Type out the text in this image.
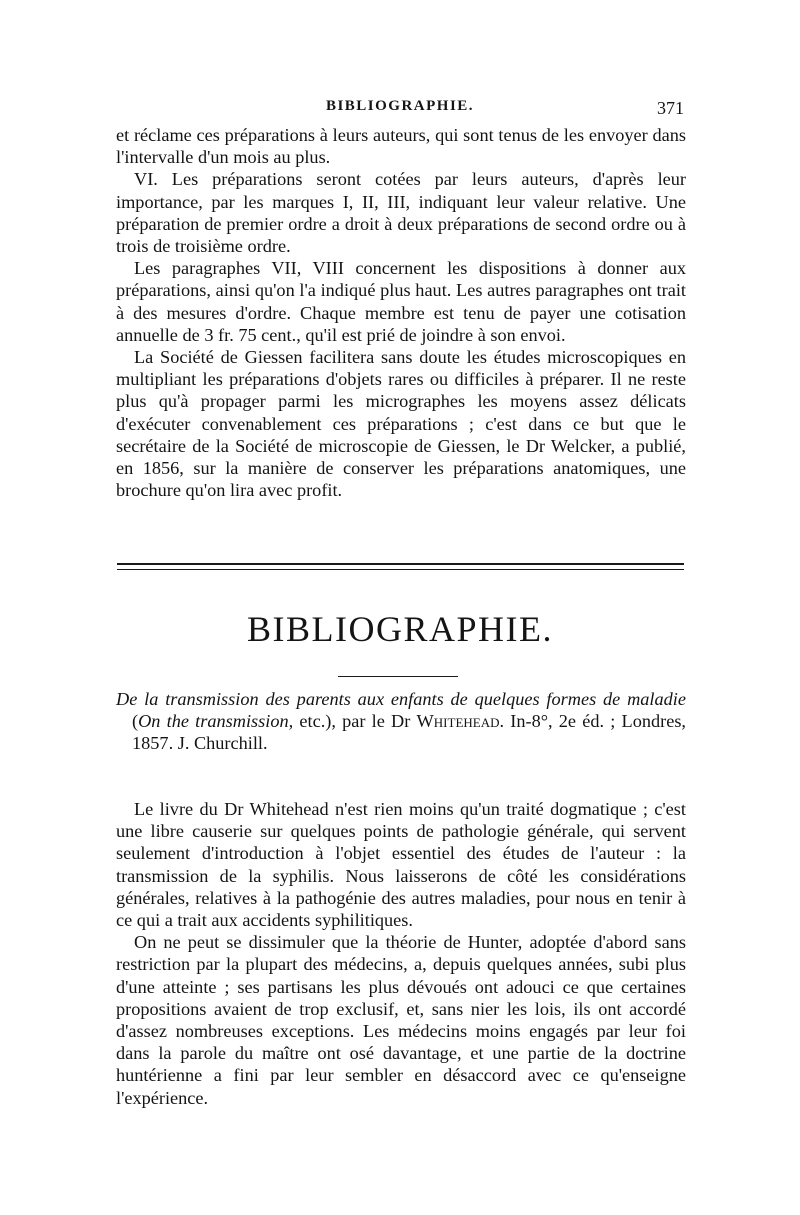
BIBLIOGRAPHIE.	371

et réclame ces préparations à leurs auteurs, qui sont tenus de les envoyer dans l'intervalle d'un mois au plus.

VI. Les préparations seront cotées par leurs auteurs, d'après leur importance, par les marques I, II, III, indiquant leur valeur relative. Une préparation de premier ordre a droit à deux préparations de second ordre ou à trois de troisième ordre.

Les paragraphes VII, VIII concernent les dispositions à donner aux préparations, ainsi qu'on l'a indiqué plus haut. Les autres paragraphes ont trait à des mesures d'ordre. Chaque membre est tenu de payer une cotisation annuelle de 3 fr. 75 cent., qu'il est prié de joindre à son envoi.

La Société de Giessen facilitera sans doute les études microscopiques en multipliant les préparations d'objets rares ou difficiles à préparer. Il ne reste plus qu'à propager parmi les micrographes les moyens assez délicats d'exécuter convenablement ces préparations ; c'est dans ce but que le secrétaire de la Société de microscopie de Giessen, le Dr Welcker, a publié, en 1856, sur la manière de conserver les préparations anatomiques, une brochure qu'on lira avec profit.

BIBLIOGRAPHIE.

De la transmission des parents aux enfants de quelques formes de maladie (On the transmission, etc.), par le Dr Whitehead. In-8°, 2e éd. ; Londres, 1857. J. Churchill.

Le livre du Dr Whitehead n'est rien moins qu'un traité dogmatique ; c'est une libre causerie sur quelques points de pathologie générale, qui servent seulement d'introduction à l'objet essentiel des études de l'auteur : la transmission de la syphilis. Nous laisserons de côté les considérations générales, relatives à la pathogénie des autres maladies, pour nous en tenir à ce qui a trait aux accidents syphilitiques.

On ne peut se dissimuler que la théorie de Hunter, adoptée d'abord sans restriction par la plupart des médecins, a, depuis quelques années, subi plus d'une atteinte ; ses partisans les plus dévoués ont adouci ce que certaines propositions avaient de trop exclusif, et, sans nier les lois, ils ont accordé d'assez nombreuses exceptions. Les médecins moins engagés par leur foi dans la parole du maître ont osé davantage, et une partie de la doctrine huntérienne a fini par leur sembler en désaccord avec ce qu'enseigne l'expérience.
